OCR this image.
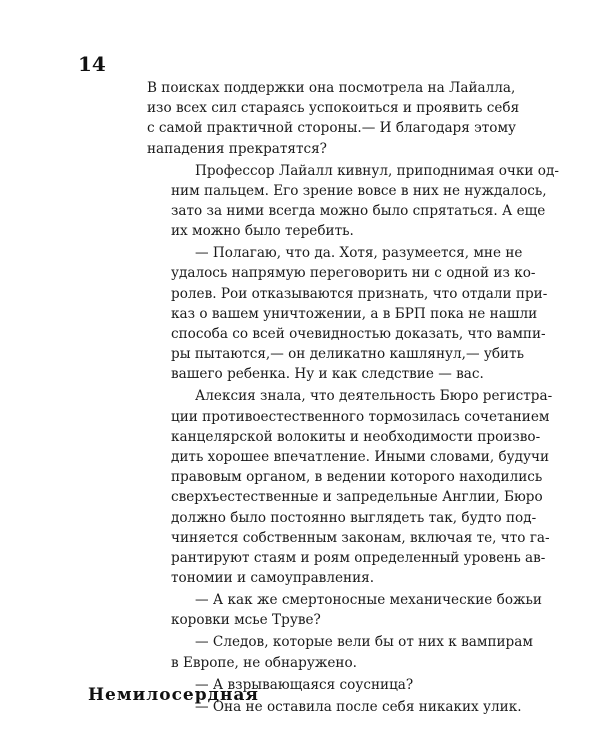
14
В поисках поддержки она посмотрела на Лайалла,
изо всех сил стараясь успокоиться и проявить себя
с самой практичной стороны.— И благодаря этому
нападения прекратятся?
Профессор Лайалл кивнул, приподнимая очки од-
ним пальцем. Его зрение вовсе в них не нуждалось,
зато за ними всегда можно было спрятаться. А еще
их можно было теребить.
— Полагаю, что да. Хотя, разумеется, мне не
удалось напрямую переговорить ни с одной из ко-
ролев. Рои отказываются признать, что отдали при-
каз о вашем уничтожении, а в БРП пока не нашли
способа со всей очевидностью доказать, что вампи-
ры пытаются,— он деликатно кашлянул,— убить
вашего ребенка. Ну и как следствие — вас.
Алексия знала, что деятельность Бюро регистра-
ции противоестественного тормозилась сочетанием
канцелярской волокиты и необходимости произво-
дить хорошее впечатление. Иными словами, будучи
правовым органом, в ведении которого находились
сверхъестественные и запредельные Англии, Бюро
должно было постоянно выглядеть так, будто под-
чиняется собственным законам, включая те, что га-
рантируют стаям и роям определенный уровень ав-
тономии и самоуправления.
— А как же смертоносные механические божьи
коровки мсье Труве?
— Следов, которые вели бы от них к вампирам
в Европе, не обнаружено.
— А взрывающаяся соусница?
— Она не оставила после себя никаких улик.
Немилосердная
